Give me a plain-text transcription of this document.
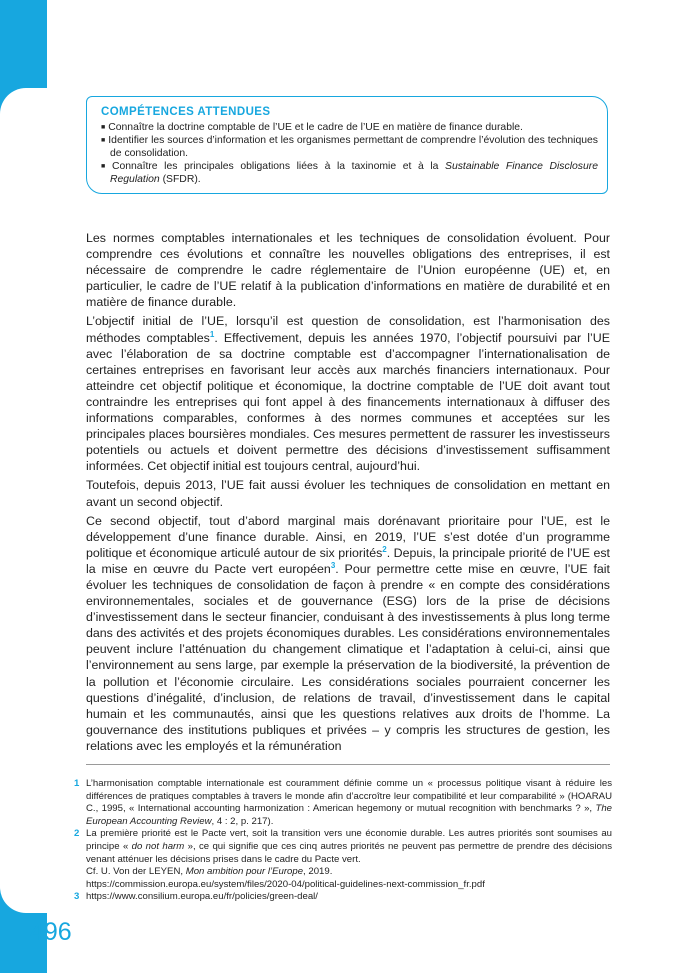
COMPÉTENCES ATTENDUES
■ Connaître la doctrine comptable de l’UE et le cadre de l’UE en matière de finance durable.
■ Identifier les sources d’information et les organismes permettant de comprendre l’évolution des techniques de consolidation.
■ Connaître les principales obligations liées à la taxinomie et à la Sustainable Finance Disclosure Regulation (SFDR).

Les normes comptables internationales et les techniques de consolidation évoluent. Pour comprendre ces évolutions et connaître les nouvelles obligations des entreprises, il est nécessaire de comprendre le cadre réglementaire de l’Union européenne (UE) et, en particulier, le cadre de l’UE relatif à la publication d’informations en matière de durabilité et en matière de finance durable.

L’objectif initial de l’UE, lorsqu’il est question de consolidation, est l’harmonisation des méthodes comptables$^1$. Effectivement, depuis les années 1970, l’objectif poursuivi par l’UE avec l’élaboration de sa doctrine comptable est d’accompagner l’internationalisation de certaines entreprises en favorisant leur accès aux marchés financiers internationaux. Pour atteindre cet objectif politique et économique, la doctrine comptable de l’UE doit avant tout contraindre les entreprises qui font appel à des financements internationaux à diffuser des informations comparables, conformes à des normes communes et acceptées sur les principales places boursières mondiales. Ces mesures permettent de rassurer les investisseurs potentiels ou actuels et doivent permettre des décisions d’investissement suffisamment informées. Cet objectif initial est toujours central, aujourd’hui.

Toutefois, depuis 2013, l’UE fait aussi évoluer les techniques de consolidation en mettant en avant un second objectif.

Ce second objectif, tout d’abord marginal mais dorénavant prioritaire pour l’UE, est le développement d’une finance durable. Ainsi, en 2019, l’UE s’est dotée d’un programme politique et économique articulé autour de six priorités$^2$. Depuis, la principale priorité de l’UE est la mise en œuvre du Pacte vert européen$^3$. Pour permettre cette mise en œuvre, l’UE fait évoluer les techniques de consolidation de façon à prendre « en compte des considérations environnementales, sociales et de gouvernance (ESG) lors de la prise de décisions d’investissement dans le secteur financier, conduisant à des investissements à plus long terme dans des activités et des projets économiques durables. Les considérations environnementales peuvent inclure l’atténuation du changement climatique et l’adaptation à celui-ci, ainsi que l’environnement au sens large, par exemple la préservation de la biodiversité, la prévention de la pollution et l’économie circulaire. Les considérations sociales pourraient concerner les questions d’inégalité, d’inclusion, de relations de travail, d’investissement dans le capital humain et les communautés, ainsi que les questions relatives aux droits de l’homme. La gouvernance des institutions publiques et privées – y compris les structures de gestion, les relations avec les employés et la rémunération

1 L’harmonisation comptable internationale est couramment définie comme un « processus politique visant à réduire les différences de pratiques comptables à travers le monde afin d’accroître leur compatibilité et leur comparabilité » (HOARAU C., 1995, « International accounting harmonization : American hegemony or mutual recognition with benchmarks ? », The European Accounting Review, 4 : 2, p. 217).
2 La première priorité est le Pacte vert, soit la transition vers une économie durable. Les autres priorités sont soumises au principe « do not harm », ce qui signifie que ces cinq autres priorités ne peuvent pas permettre de prendre des décisions venant atténuer les décisions prises dans le cadre du Pacte vert.
Cf. U. Von der LEYEN, Mon ambition pour l’Europe, 2019.
https://commission.europa.eu/system/files/2020-04/political-guidelines-next-commission_fr.pdf
3 https://www.consilium.europa.eu/fr/policies/green-deal/
496
